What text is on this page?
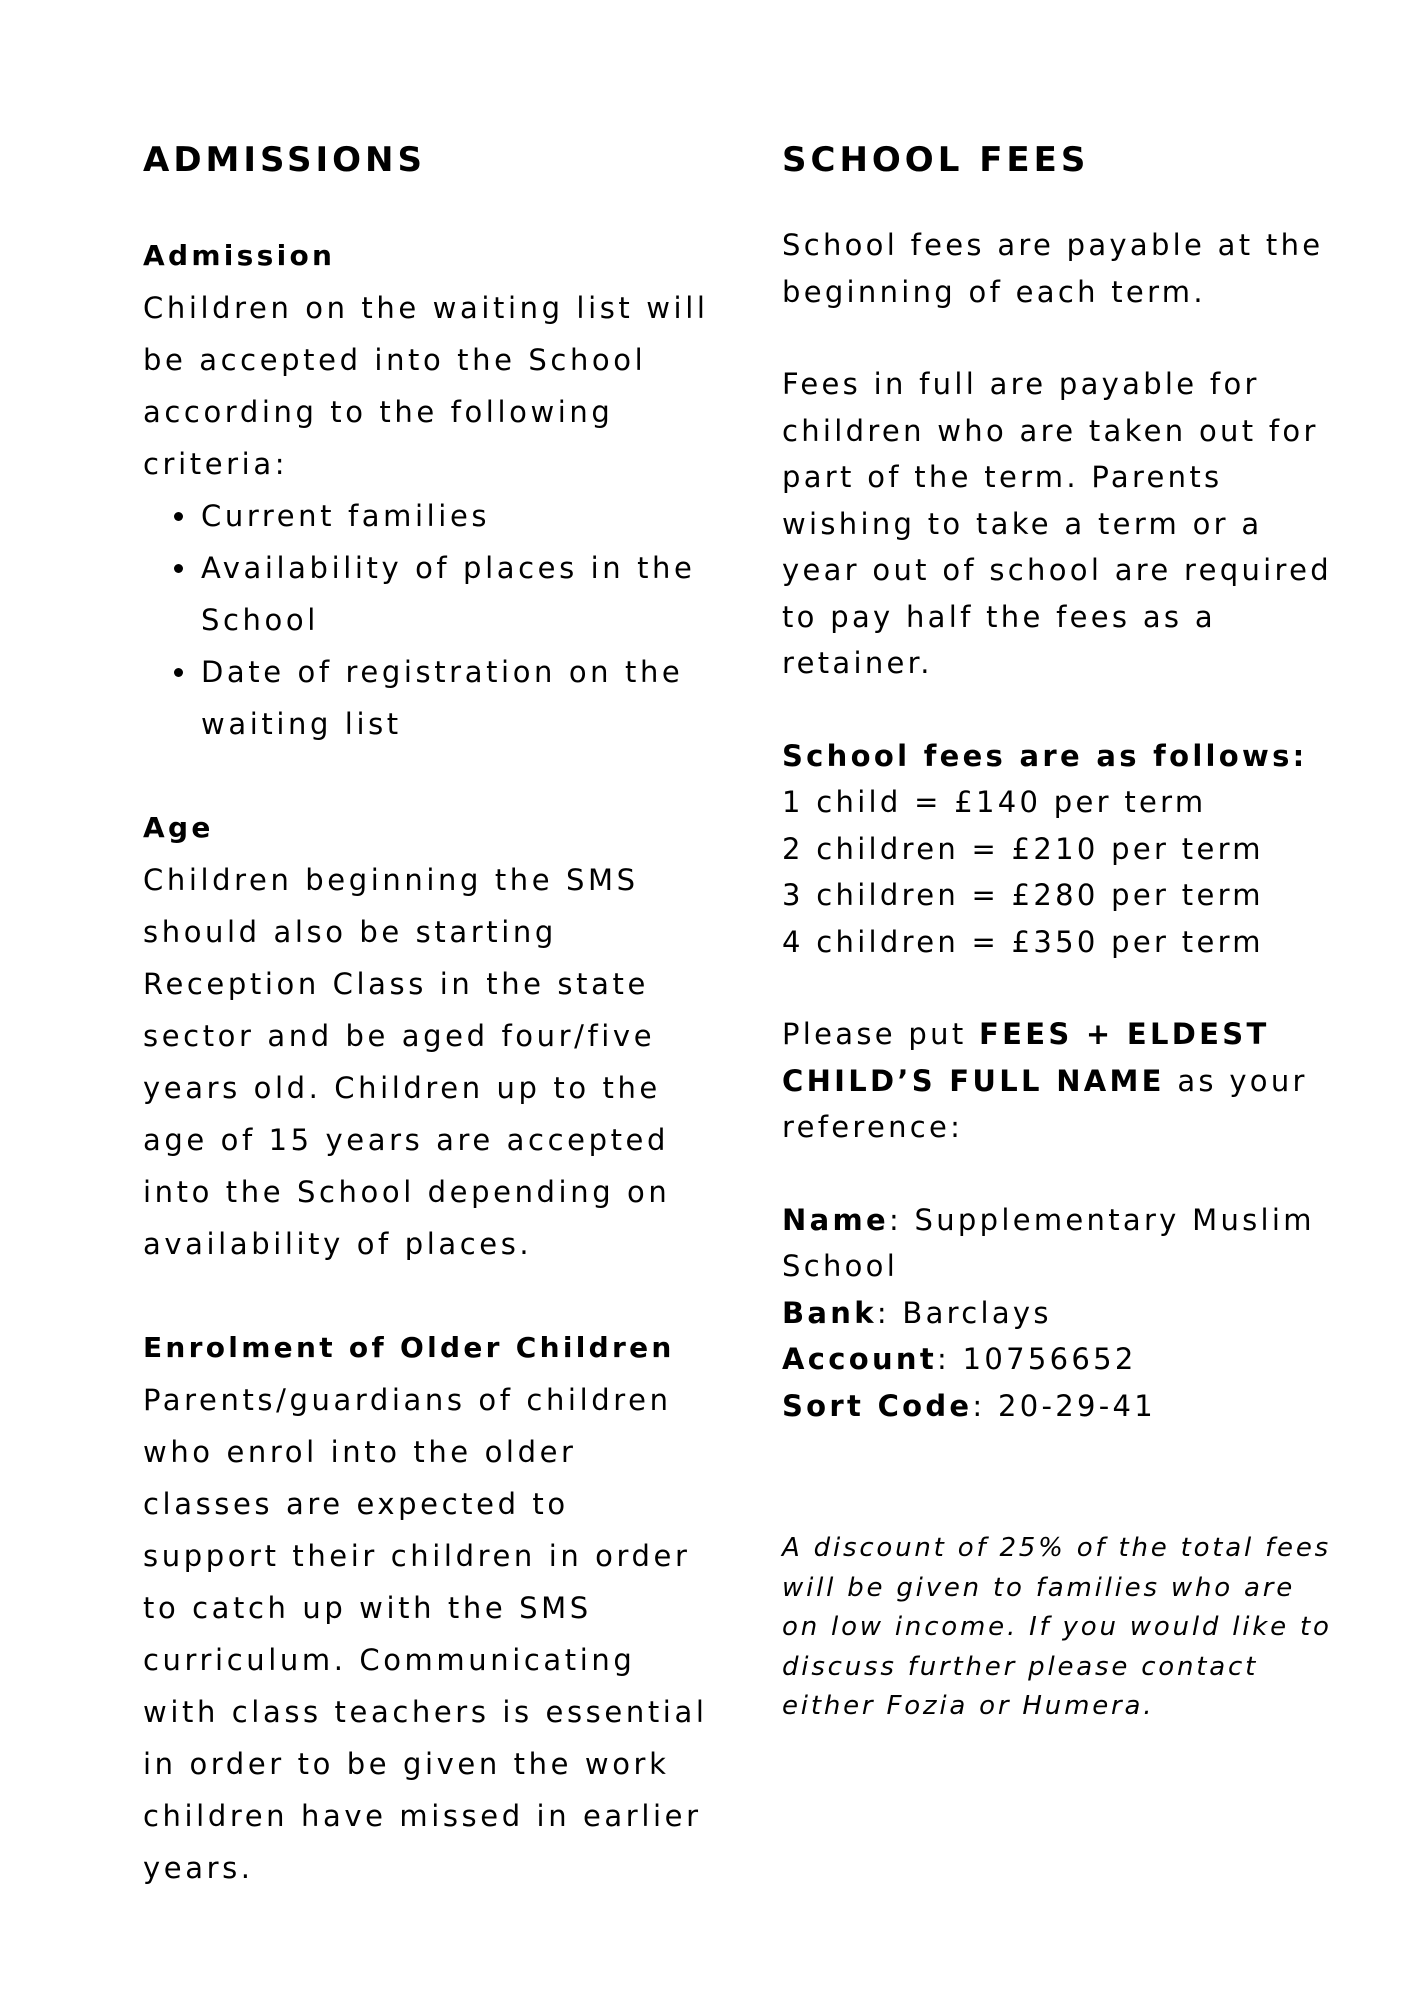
ADMISSIONS
Admission

Children on the waiting list will be accepted into the School according to the following criteria:

• Current families
• Availability of places in the School
• Date of registration on the waiting list
Age

Children beginning the SMS should also be starting Reception Class in the state sector and be aged four/five years old. Children up to the age of 15 years are accepted into the School depending on availability of places.

Enrolment of Older Children

Parents/guardians of children who enrol into the older classes are expected to support their children in order to catch up with the SMS curriculum. Communicating with class teachers is essential in order to be given the work children have missed in earlier years.

SCHOOL FEES

School fees are payable at the beginning of each term.

Fees in full are payable for children who are taken out for part of the term. Parents wishing to take a term or a year out of school are required to pay half the fees as a retainer.

School fees are as follows:

1 child = £140 per term

2 children = £210 per term

3 children = £280 per term

4 children = £350 per term

Please put FEES + ELDEST CHILD’S FULL NAME as your reference:

Name: Supplementary Muslim School

Bank: Barclays

Account: 10756652

Sort Code: 20-29-41

A discount of 25% of the total fees will be given to families who are on low income. If you would like to discuss further please contact either Fozia or Humera.
